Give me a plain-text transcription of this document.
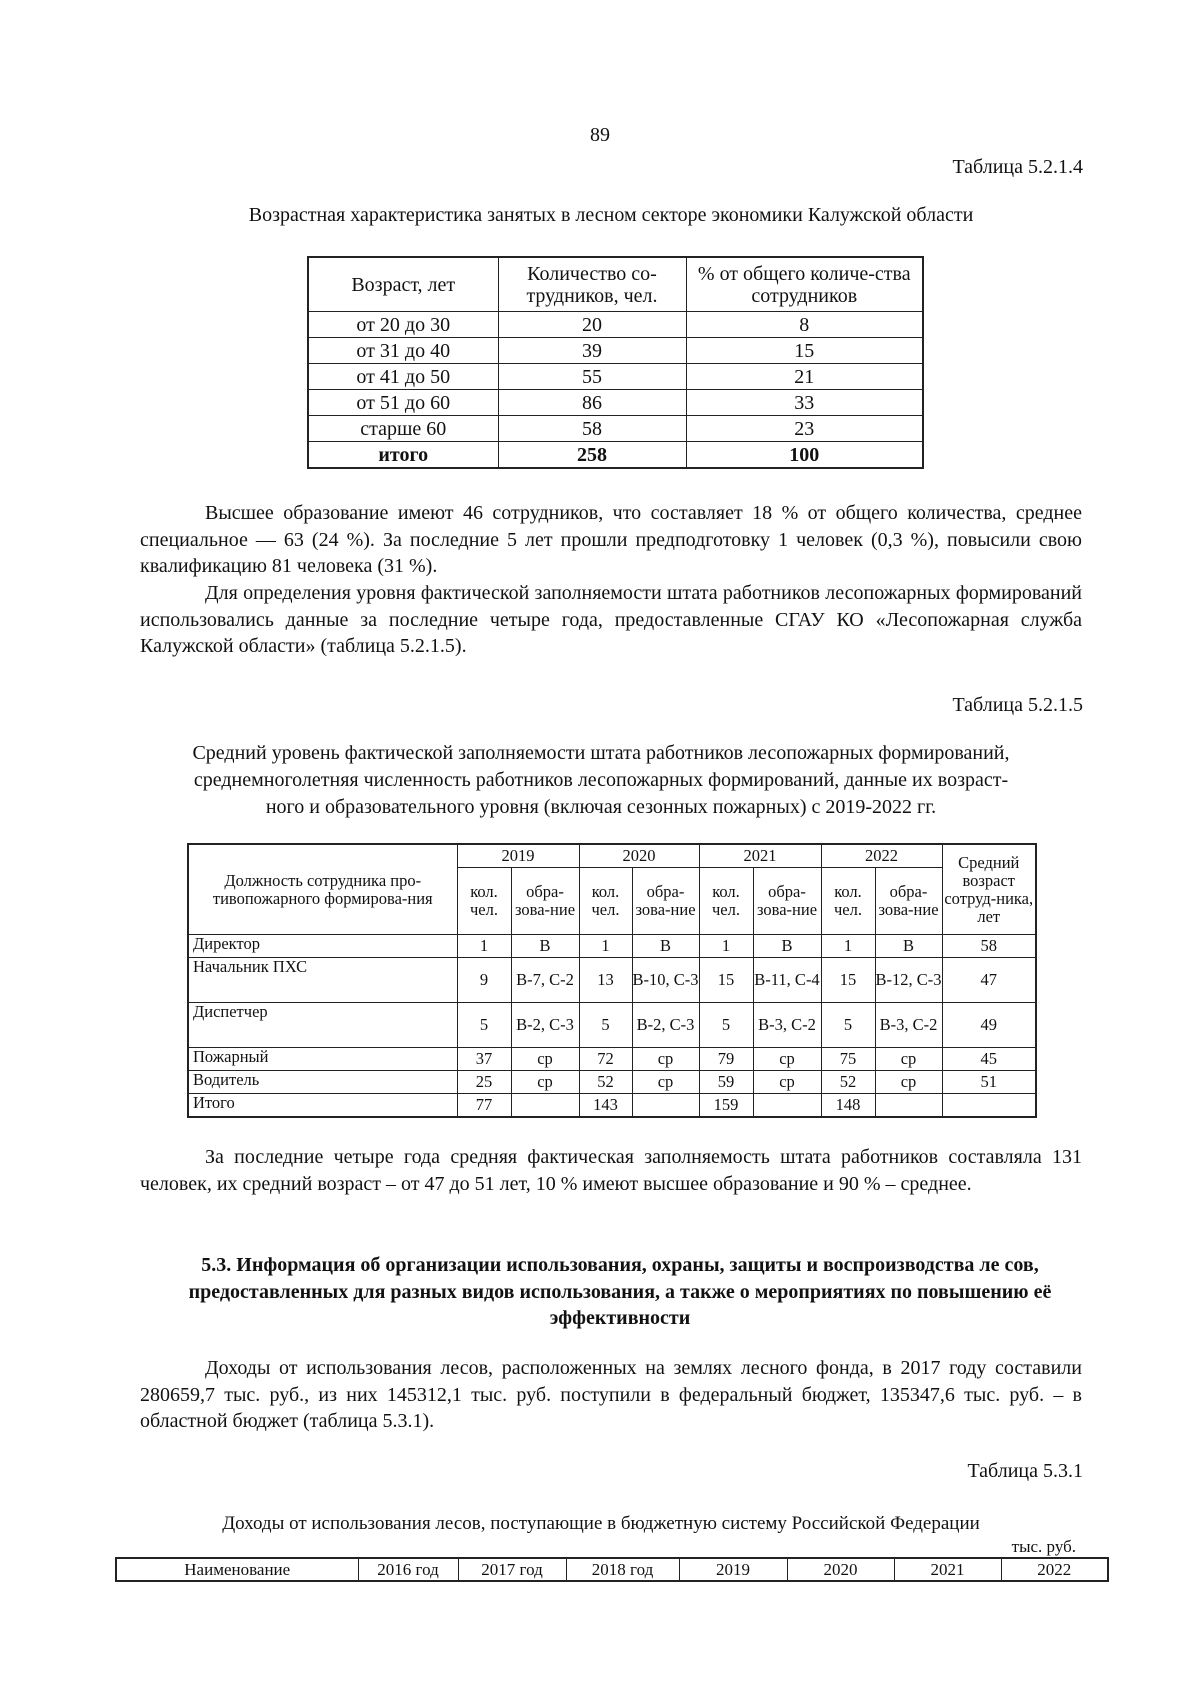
89
Таблица 5.2.1.4
Возрастная характеристика занятых в лесном секторе экономики Калужской области
Возраст, лет	Количество со-трудников, чел.	% от общего количе-ства сотрудников
от 20 до 30	20	8
от 31 до 40	39	15
от 41 до 50	55	21
от 51 до 60	86	33
старше 60	58	23
итого	258	100
Высшее образование имеют 46 сотрудников, что составляет 18 % от общего количества, среднее специальное — 63 (24 %). За последние 5 лет прошли предподготовку 1 человек (0,3 %), повысили свою квалификацию 81 человека (31 %).
Для определения уровня фактической заполняемости штата работников лесопожарных формирований использовались данные за последние четыре года, предоставленные СГАУ КО «Лесопожарная служба Калужской области» (таблица 5.2.1.5).
Таблица 5.2.1.5
Средний уровень фактической заполняемости штата работников лесопожарных формирований,
среднемноголетняя численность работников лесопожарных формирований, данные их возраст-
ного и образовательного уровня (включая сезонных пожарных) с 2019-2022 гг.
Должность сотрудника про-тивопожарного формирова-ния	2019		2020		2021		2022		Средний возраст сотруд-ника, лет
	кол. чел.	обра-зова-ние	кол. чел.	обра-зова-ние	кол. чел.	обра-зова-ние	кол. чел.	обра-зова-ние	
Директор	1	В	1	В	1	В	1	В	58
Начальник ПХС	9	В-7, С-2	13	В-10, С-3	15	В-11, С-4	15	В-12, С-3	47
Диспетчер	5	В-2, С-3	5	В-2, С-3	5	В-3, С-2	5	В-3, С-2	49
Пожарный	37	ср	72	ср	79	ср	75	ср	45
Водитель	25	ср	52	ср	59	ср	52	ср	51
Итого	77		143		159		148		
За последние четыре года средняя фактическая заполняемость штата работников составляла 131 человек, их средний возраст – от 47 до 51 лет, 10 % имеют высшее образование и 90 % – среднее.
5.3. Информация об организации использования, охраны, защиты и воспроизводства ле сов, предоставленных для разных видов использования, а также о мероприятиях по повышению её эффективности
Доходы от использования лесов, расположенных на землях лесного фонда, в 2017 году составили 280659,7 тыс. руб., из них 145312,1 тыс. руб. поступили в федеральный бюджет, 135347,6 тыс. руб. – в областной бюджет (таблица 5.3.1).
Таблица 5.3.1
Доходы от использования лесов, поступающие в бюджетную систему Российской Федерации
тыс. руб.
Наименование	2016 год	2017 год	2018 год	2019	2020	2021	2022
